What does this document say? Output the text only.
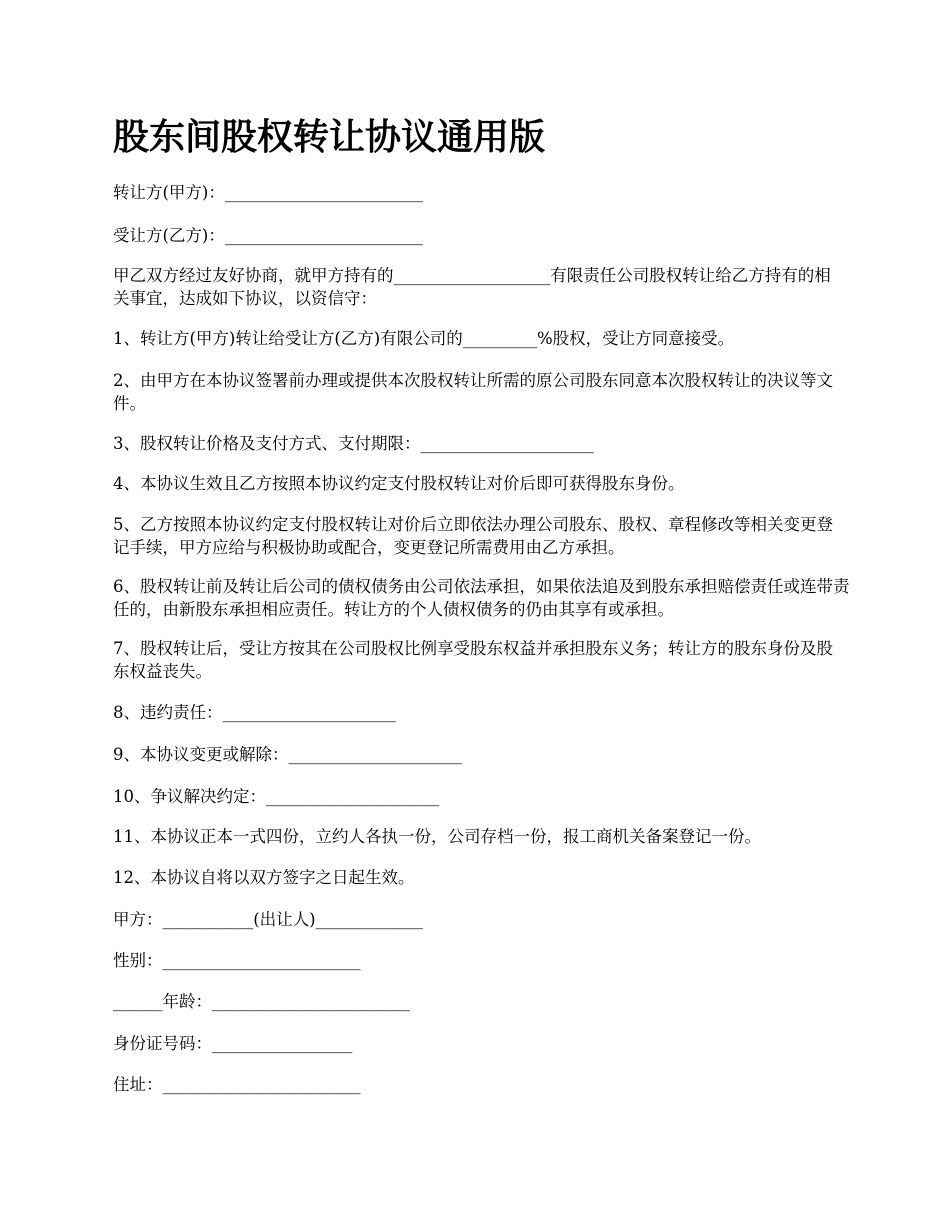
股东间股权转让协议通用版

转让方(甲方)：________________________

受让方(乙方)：________________________

甲乙双方经过友好协商，就甲方持有的___________________有限责任公司股权转让给乙方持有的相关事宜，达成如下协议，以资信守：

1、转让方(甲方)转让给受让方(乙方)有限公司的_________%股权，受让方同意接受。

2、由甲方在本协议签署前办理或提供本次股权转让所需的原公司股东同意本次股权转让的决议等文件。

3、股权转让价格及支付方式、支付期限：_____________________

4、本协议生效且乙方按照本协议约定支付股权转让对价后即可获得股东身份。

5、乙方按照本协议约定支付股权转让对价后立即依法办理公司股东、股权、章程修改等相关变更登记手续，甲方应给与积极协助或配合，变更登记所需费用由乙方承担。

6、股权转让前及转让后公司的债权债务由公司依法承担，如果依法追及到股东承担赔偿责任或连带责任的，由新股东承担相应责任。转让方的个人债权债务的仍由其享有或承担。

7、股权转让后，受让方按其在公司股权比例享受股东权益并承担股东义务；转让方的股东身份及股东权益丧失。

8、违约责任：_____________________

9、本协议变更或解除：_____________________

10、争议解决约定：_____________________

11、本协议正本一式四份，立约人各执一份，公司存档一份，报工商机关备案登记一份。

12、本协议自将以双方签字之日起生效。

甲方：___________(出让人)_____________

性别：________________________

______年龄：________________________

身份证号码：_________________

住址：________________________
